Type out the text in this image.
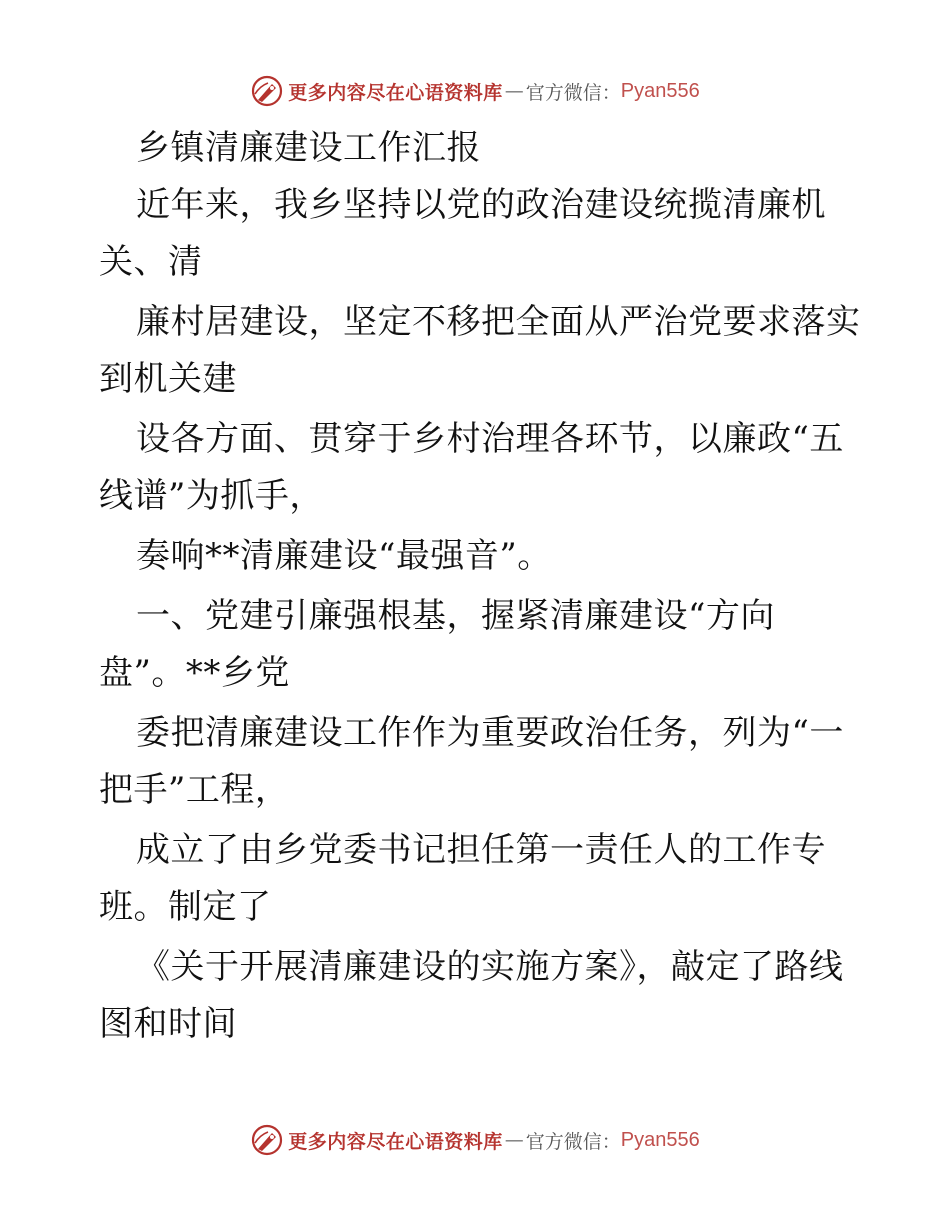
更多内容尽在心语资料库 — 官方微信： Pyan556
乡镇清廉建设工作汇报
近年来，我乡坚持以党的政治建设统揽清廉机
关、清
廉村居建设，坚定不移把全面从严治党要求落实
到机关建
设各方面、贯穿于乡村治理各环节，以廉政“五
线谱”为抓手，
奏响**清廉建设“最强音”。
一、党建引廉强根基，握紧清廉建设“方向
盘”。**乡党
委把清廉建设工作作为重要政治任务，列为“一
把手”工程，
成立了由乡党委书记担任第一责任人的工作专
班。制定了
《关于开展清廉建设的实施方案》，敲定了路线
图和时间
更多内容尽在心语资料库 — 官方微信： Pyan556
